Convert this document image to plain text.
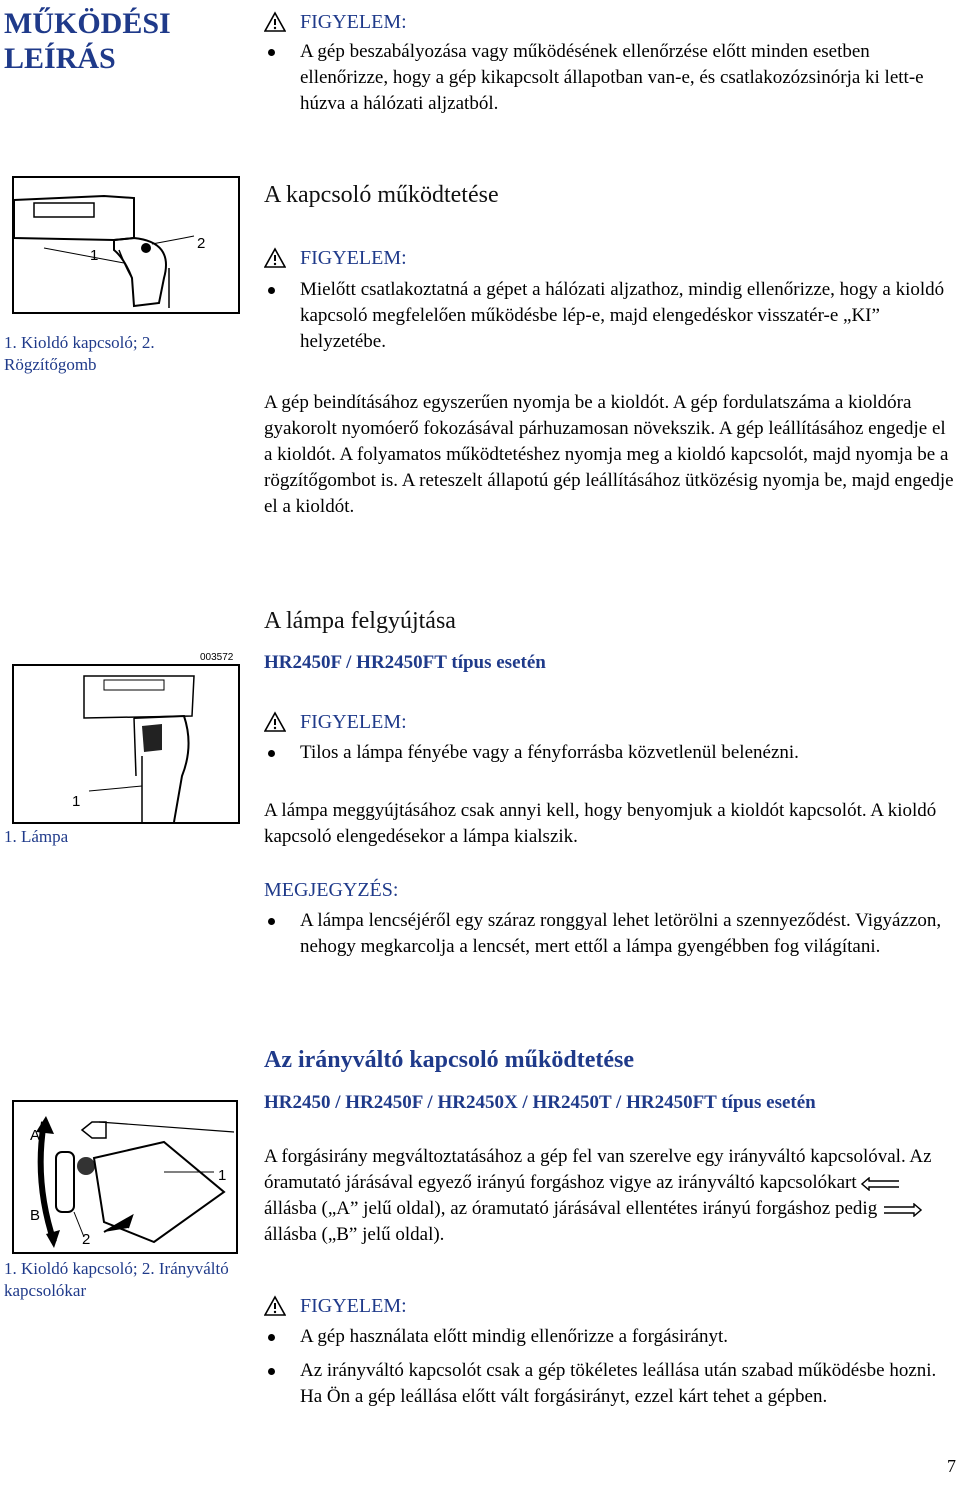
MŰKÖDÉSI
LEÍRÁS
FIGYELEM:
A gép beszabályozása vagy működésének ellenőrzése előtt minden esetben ellenőrizze, hogy a gép kikapcsolt állapotban van-e, és csatlakozózsinórja ki lett-e húzva a hálózati aljzatból.
1
2
1. Kioldó kapcsoló; 2. Rögzítőgomb
A kapcsoló működtetése
FIGYELEM:
Mielőtt csatlakoztatná a gépet a hálózati aljzathoz, mindig ellenőrizze, hogy a kioldó kapcsoló megfelelően működésbe lép-e, majd elengedéskor visszatér-e „KI” helyzetébe.
A gép beindításához egyszerűen nyomja be a kioldót. A gép fordulatszáma a kioldóra gyakorolt nyomóerő fokozásával párhuzamosan növekszik. A gép leállításához engedje el a kioldót. A folyamatos működtetéshez nyomja meg a kioldó kapcsolót, majd nyomja be a rögzítőgombot is. A reteszelt állapotú gép leállításához ütközésig nyomja be, majd engedje el a kioldót.
A lámpa felgyújtása
HR2450F / HR2450FT típus esetén
003572
1
1. Lámpa
FIGYELEM:
Tilos a lámpa fényébe vagy a fényforrásba közvetlenül belenézni.
A lámpa meggyújtásához csak annyi kell, hogy benyomjuk a kioldót kapcsolót. A kioldó kapcsoló elengedésekor a lámpa kialszik.
MEGJEGYZÉS:
A lámpa lencséjéről egy száraz ronggyal lehet letörölni a szennyeződést. Vigyázzon, nehogy megkarcolja a lencsét, mert ettől a lámpa gyengébben fog világítani.
Az irányváltó kapcsoló működtetése
HR2450 / HR2450F / HR2450X / HR2450T / HR2450FT típus esetén
A
B
1
2
1. Kioldó kapcsoló; 2. Irányváltó kapcsolókar
A forgásirány megváltoztatásához a gép fel van szerelve egy irányváltó kapcsolóval. Az óramutató járásával egyező irányú forgáshoz vigye az irányváltó kapcsolókart  állásba („A” jelű oldal), az óramutató járásával ellentétes irányú forgáshoz pedig  állásba („B” jelű oldal).
FIGYELEM:
A gép használata előtt mindig ellenőrizze a forgásirányt.
Az irányváltó kapcsolót csak a gép tökéletes leállása után szabad működésbe hozni. Ha Ön a gép leállása előtt vált forgásirányt, ezzel kárt tehet a gépben.
7
